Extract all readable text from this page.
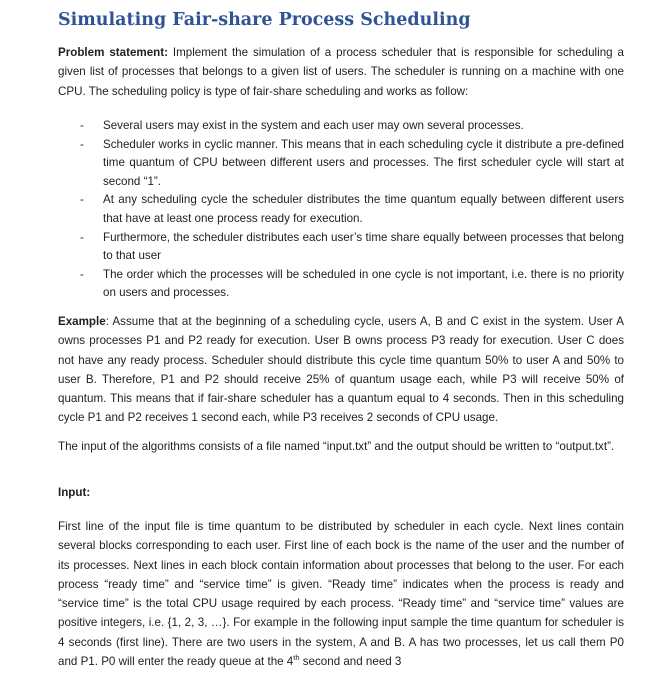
Simulating Fair-share Process Scheduling

Problem statement: Implement the simulation of a process scheduler that is responsible for scheduling a given list of processes that belongs to a given list of users. The scheduler is running on a machine with one CPU. The scheduling policy is type of fair-share scheduling and works as follow:

- Several users may exist in the system and each user may own several processes.
- Scheduler works in cyclic manner. This means that in each scheduling cycle it distribute a pre-defined time quantum of CPU between different users and processes. The first scheduler cycle will start at second “1”.
- At any scheduling cycle the scheduler distributes the time quantum equally between different users that have at least one process ready for execution.
- Furthermore, the scheduler distributes each user’s time share equally between processes that belong to that user
- The order which the processes will be scheduled in one cycle is not important, i.e. there is no priority on users and processes.

Example: Assume that at the beginning of a scheduling cycle, users A, B and C exist in the system. User A owns processes P1 and P2 ready for execution. User B owns process P3 ready for execution. User C does not have any ready process. Scheduler should distribute this cycle time quantum 50% to user A and 50% to user B. Therefore, P1 and P2 should receive 25% of quantum usage each, while P3 will receive 50% of quantum. This means that if fair-share scheduler has a quantum equal to 4 seconds. Then in this scheduling cycle P1 and P2 receives 1 second each, while P3 receives 2 seconds of CPU usage.

The input of the algorithms consists of a file named “input.txt” and the output should be written to “output.txt”.

Input:

First line of the input file is time quantum to be distributed by scheduler in each cycle. Next lines contain several blocks corresponding to each user. First line of each bock is the name of the user and the number of its processes. Next lines in each block contain information about processes that belong to the user. For each process “ready time” and “service time” is given. “Ready time” indicates when the process is ready and “service time” is the total CPU usage required by each process. “Ready time” and “service time” values are positive integers, i.e. {1, 2, 3, …}. For example in the following input sample the time quantum for scheduler is 4 seconds (first line). There are two users in the system, A and B. A has two processes, let us call them P0 and P1. P0 will enter the ready queue at the 4th second and need 3
